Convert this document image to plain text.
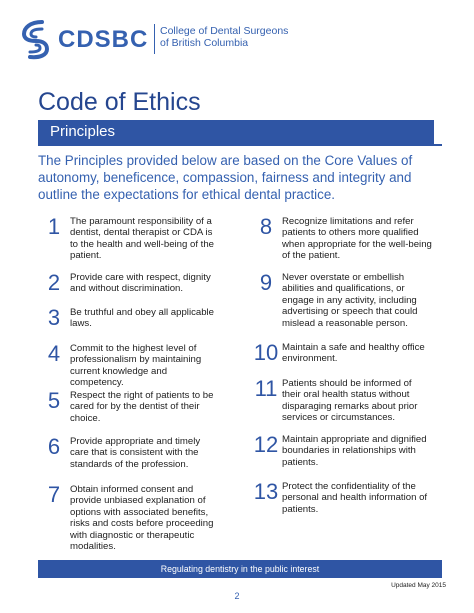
CDSBC College of Dental Surgeons
of British Columbia
Code of Ethics
Principles
The Principles provided below are based on the Core Values of autonomy, beneficence, compassion, fairness and integrity and outline the expectations for ethical dental practice.
1	The paramount responsibility of a dentist, dental therapist or CDA is to the health and well-being of the patient.
2	Provide care with respect, dignity and without discrimination.
3	Be truthful and obey all applicable laws.
4	Commit to the highest level of professionalism by maintaining current knowledge and competency.
5	Respect the right of patients to be cared for by the dentist of their choice.
6	Provide appropriate and timely care that is consistent with the standards of the profession.
7	Obtain informed consent and provide unbiased explanation of options with associated benefits, risks and costs before proceeding with diagnostic or therapeutic modalities.
8	Recognize limitations and refer patients to others more qualified when appropriate for the well-being of the patient.
9	Never overstate or embellish abilities and qualifications, or engage in any activity, including advertising or speech that could mislead a reasonable person.
10 Maintain a safe and healthy office environment.
11 Patients should be informed of their oral health status without disparaging remarks about prior services or circumstances.
12 Maintain appropriate and dignified boundaries in relationships with patients.
13 Protect the confidentiality of the personal and health information of patients.
Regulating dentistry in the public interest
Updated May 2015
2
